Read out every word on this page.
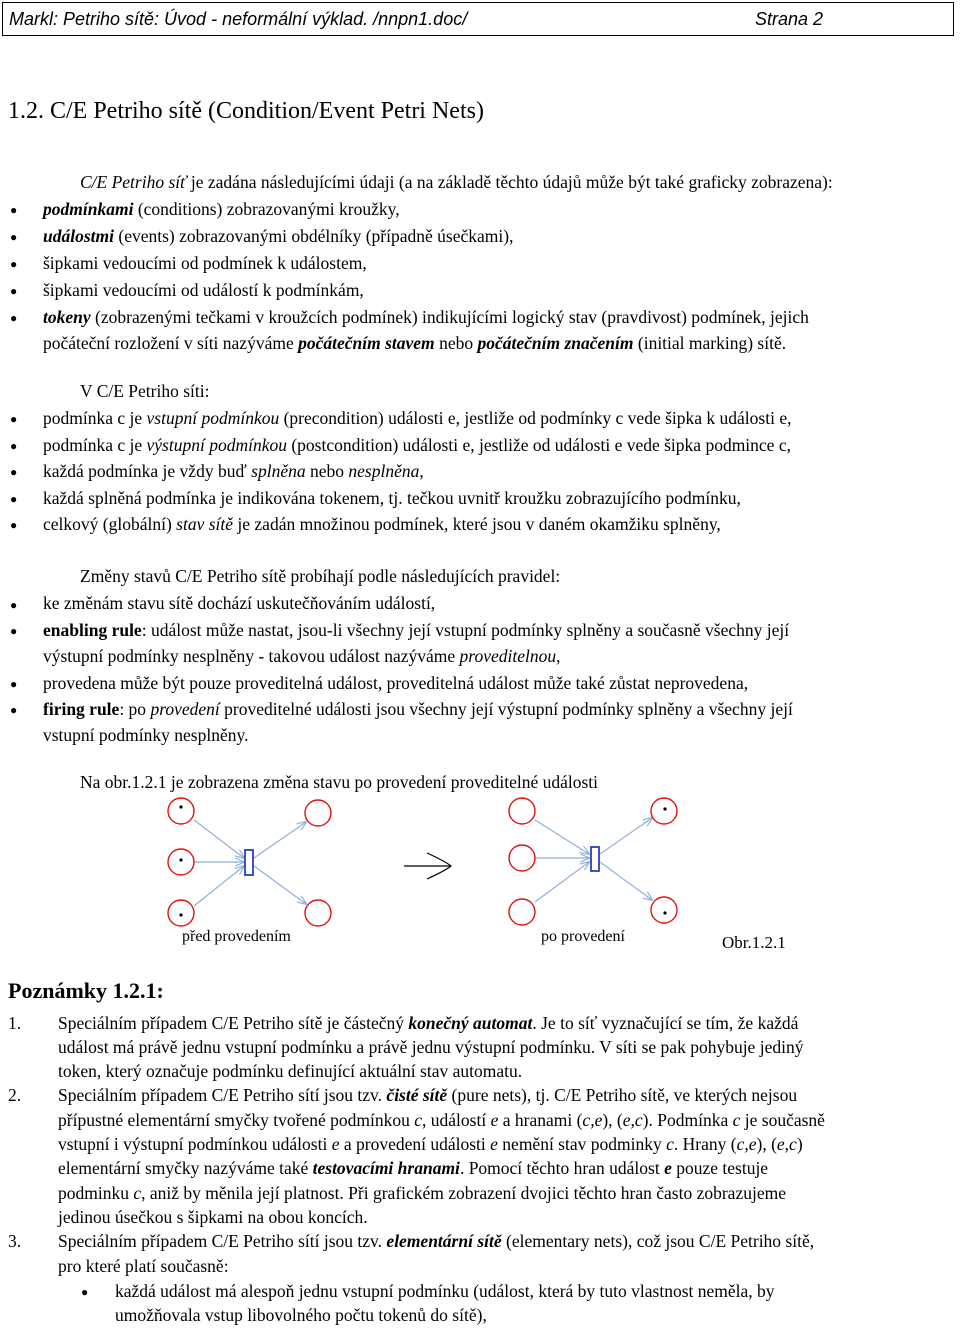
Markl: Petriho sítě: Úvod - neformální výklad. /nnpn1.doc/	Strana 2
1.2. C/E Petriho sítě (Condition/Event Petri Nets)
C/E Petriho síť je zadána následujícími údaji (a na základě těchto údajů může být také graficky zobrazena):
● podmínkami (conditions) zobrazovanými kroužky,
● událostmi (events) zobrazovanými obdélníky (případně úsečkami),
● šipkami vedoucími od podmínek k událostem,
● šipkami vedoucími od událostí k podmínkám,
● tokeny (zobrazenými tečkami v kroužcích podmínek) indikujícími logický stav (pravdivost) podmínek, jejich
počáteční rozložení v síti nazýváme počátečním stavem nebo počátečním značením (initial marking) sítě.
V C/E Petriho síti:
● podmínka c je vstupní podmínkou (precondition) události e, jestliže od podmínky c vede šipka k události e,
● podmínka c je výstupní podmínkou (postcondition) události e, jestliže od události e vede šipka podmince c,
● každá podmínka je vždy buď splněna nebo nesplněna,
● každá splněná podmínka je indikována tokenem, tj. tečkou uvnitř kroužku zobrazujícího podmínku,
● celkový (globální) stav sítě je zadán množinou podmínek, které jsou v daném okamžiku splněny,
Změny stavů C/E Petriho sítě probíhají podle následujících pravidel:
● ke změnám stavu sítě dochází uskutečňováním událostí,
● enabling rule: událost může nastat, jsou-li všechny její vstupní podmínky splněny a současně všechny její
výstupní podmínky nesplněny - takovou událost nazýváme proveditelnou,
● provedena může být pouze proveditelná událost, proveditelná událost může také zůstat neprovedena,
● firing rule: po provedení proveditelné události jsou všechny její výstupní podmínky splněny a všechny její
vstupní podmínky nesplněny.
Na obr.1.2.1 je zobrazena změna stavu po provedení proveditelné události
před provedením	po provedení	Obr.1.2.1
Poznámky 1.2.1:
1. Speciálním případem C/E Petriho sítě je částečný konečný automat. Je to síť vyznačující se tím, že každá
událost má právě jednu vstupní podmínku a právě jednu výstupní podmínku. V síti se pak pohybuje jediný
token, který označuje podmínku definující aktuální stav automatu.
2. Speciálním případem C/E Petriho sítí jsou tzv. čisté sítě (pure nets), tj. C/E Petriho sítě, ve kterých nejsou
přípustné elementární smyčky tvořené podmínkou c, událostí e a hranami (c,e), (e,c). Podmínka c je současně
vstupní i výstupní podmínkou události e a provedení události e nemění stav podminky c. Hrany (c,e), (e,c)
elementární smyčky nazýváme také testovacími hranami. Pomocí těchto hran událost e pouze testuje
podminku c, aniž by měnila její platnost. Při grafickém zobrazení dvojici těchto hran často zobrazujeme
jedinou úsečkou s šipkami na obou koncích.
3. Speciálním případem C/E Petriho sítí jsou tzv. elementární sítě (elementary nets), což jsou C/E Petriho sítě,
pro které platí současně:
● každá událost má alespoň jednu vstupní podmínku (událost, která by tuto vlastnost neměla, by
umožňovala vstup libovolného počtu tokenů do sítě),
